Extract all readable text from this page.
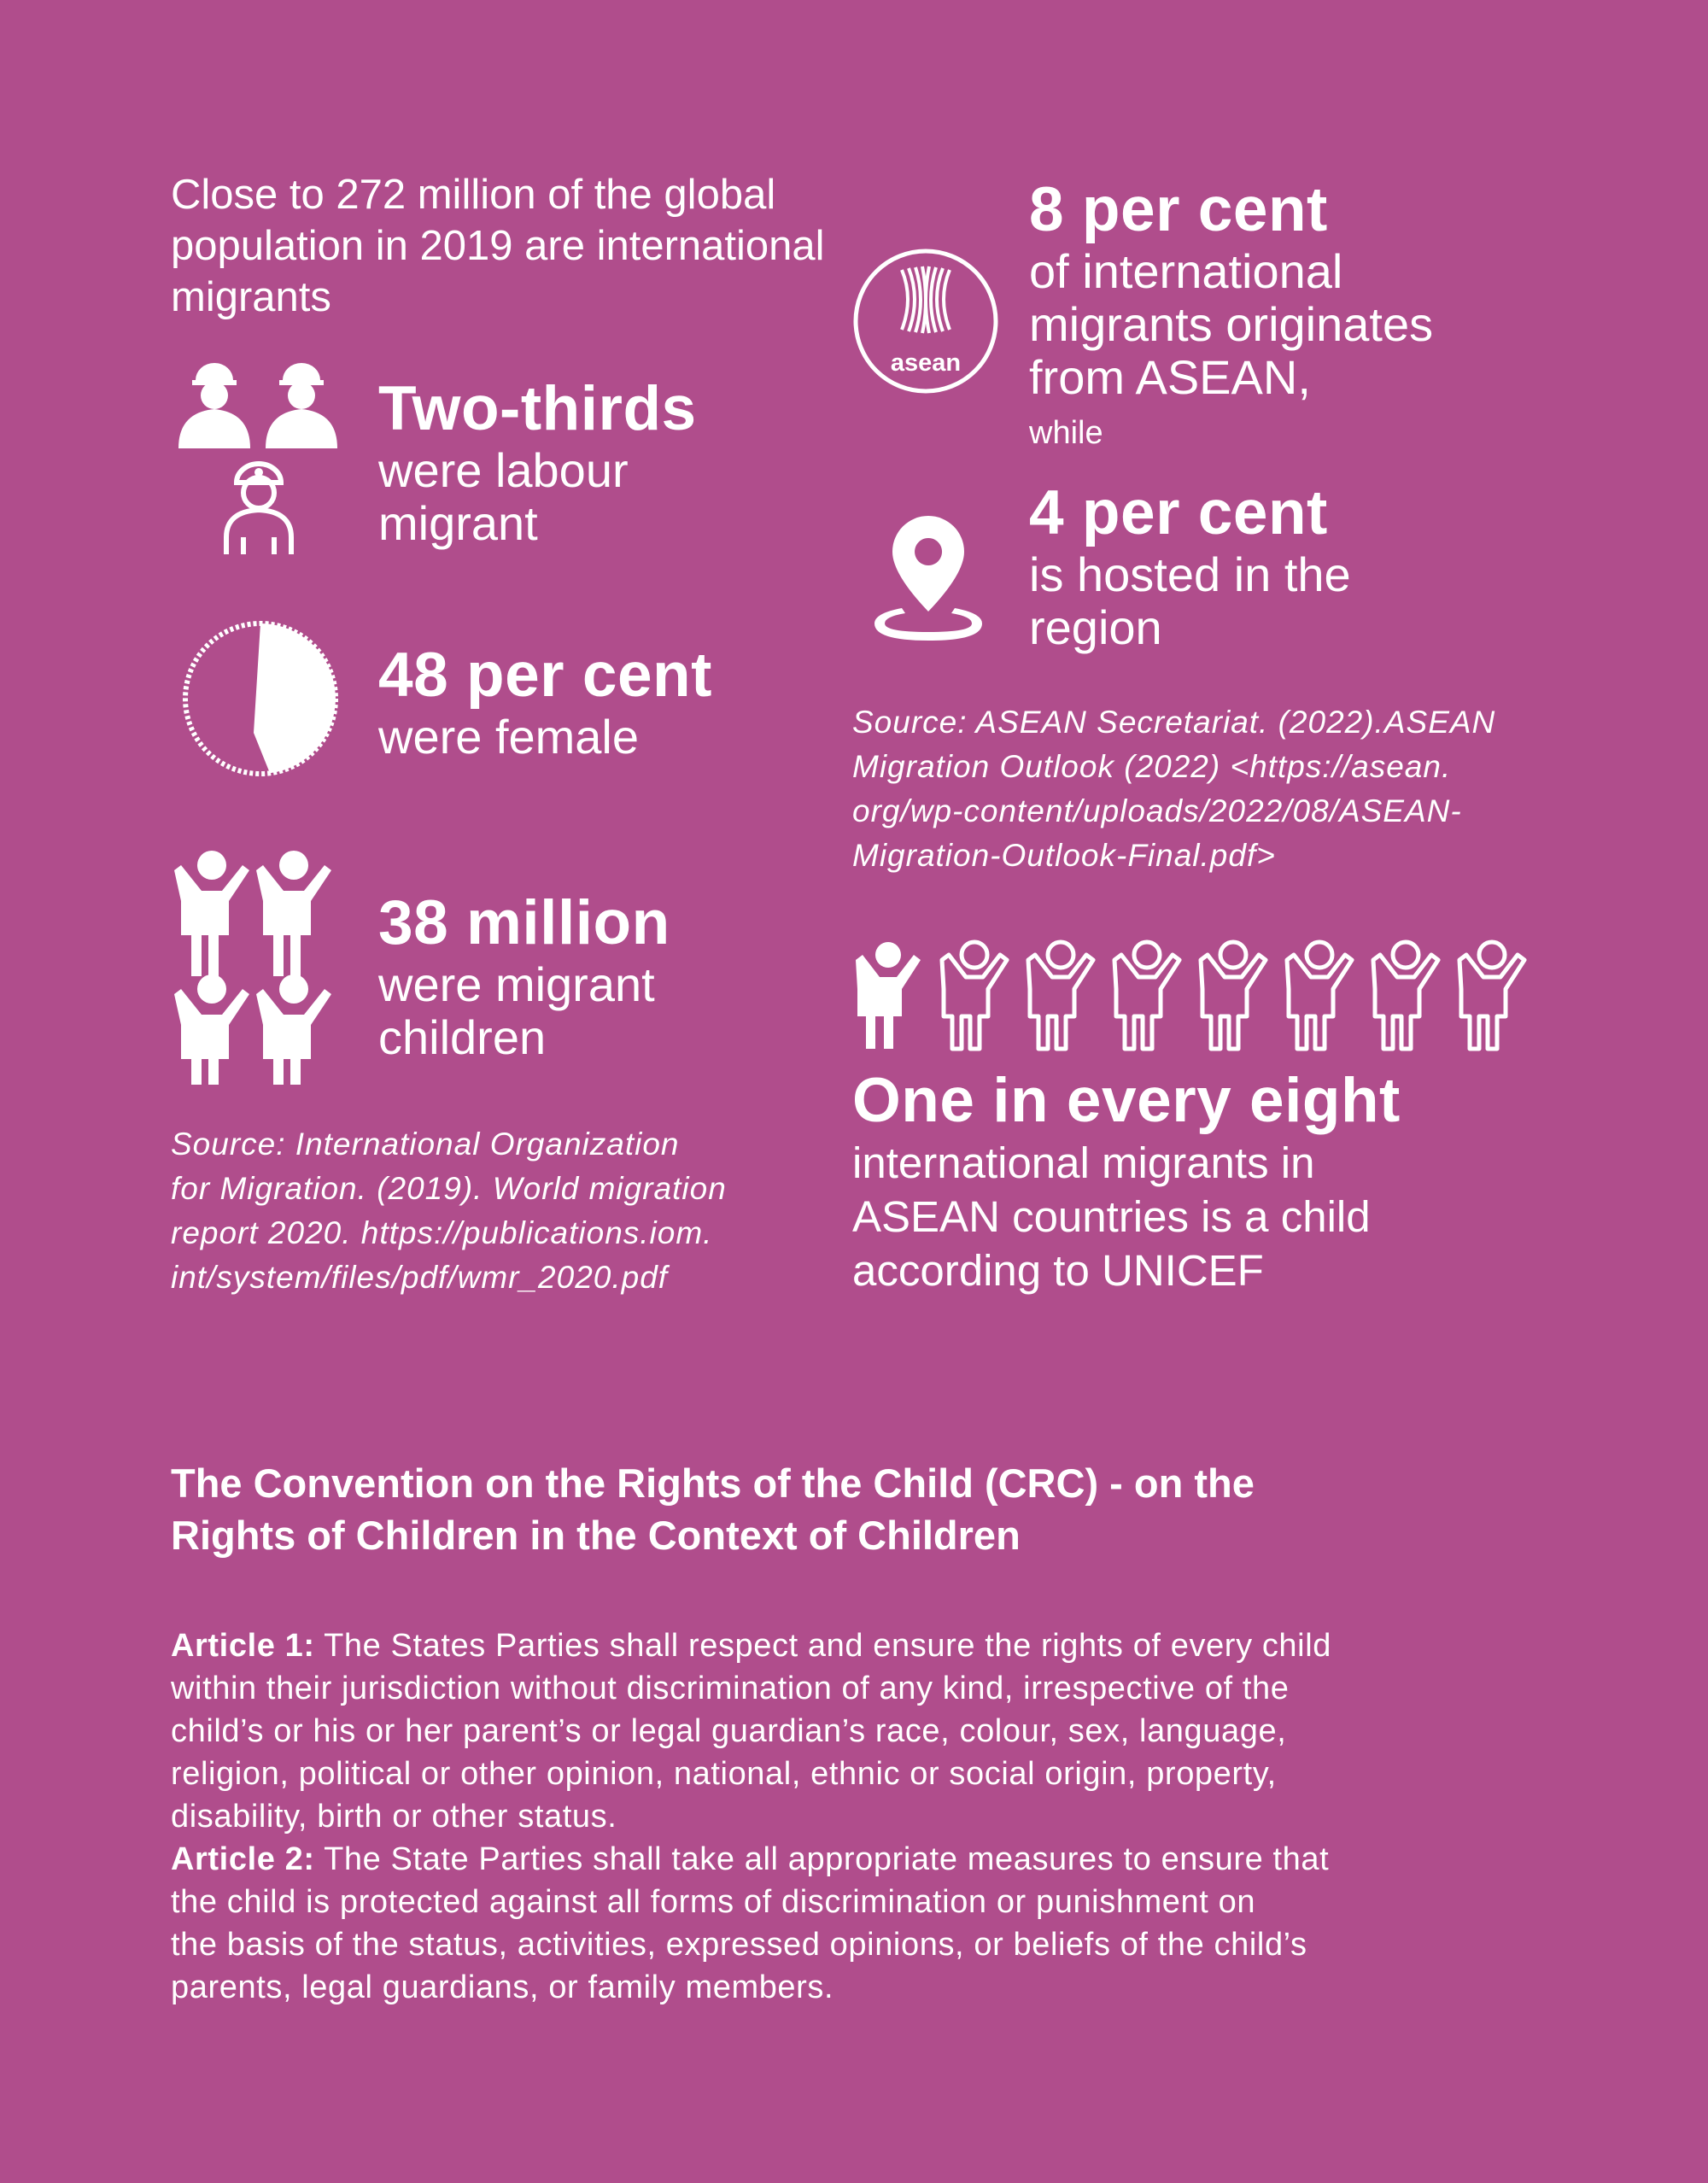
Close to 272 million of the global population in 2019 are international migrants
Two-thirds
were labour
migrant
48 per cent
were female
38 million
were migrant
children
Source: International Organization
for Migration. (2019). World migration
report 2020. https://publications.iom.
int/system/files/pdf/wmr_2020.pdf
asean
8 per cent
of international
migrants originates
from ASEAN,
while
4 per cent
is hosted in the
region
Source: ASEAN Secretariat. (2022).ASEAN
Migration Outlook (2022) <https://asean.
org/wp-content/uploads/2022/08/ASEAN-
Migration-Outlook-Final.pdf>
One in every eight
international migrants in
ASEAN countries is a child
according to UNICEF
The Convention on the Rights of the Child (CRC) - on the
Rights of Children in the Context of Children
Article 1: The States Parties shall respect and ensure the rights of every child
within their jurisdiction without discrimination of any kind, irrespective of the
child’s or his or her parent’s or legal guardian’s race, colour, sex, language,
religion, political or other opinion, national, ethnic or social origin, property,
disability, birth or other status.
Article 2: The State Parties shall take all appropriate measures to ensure that
the child is protected against all forms of discrimination or punishment on
the basis of the status, activities, expressed opinions, or beliefs of the child’s
parents, legal guardians, or family members.
